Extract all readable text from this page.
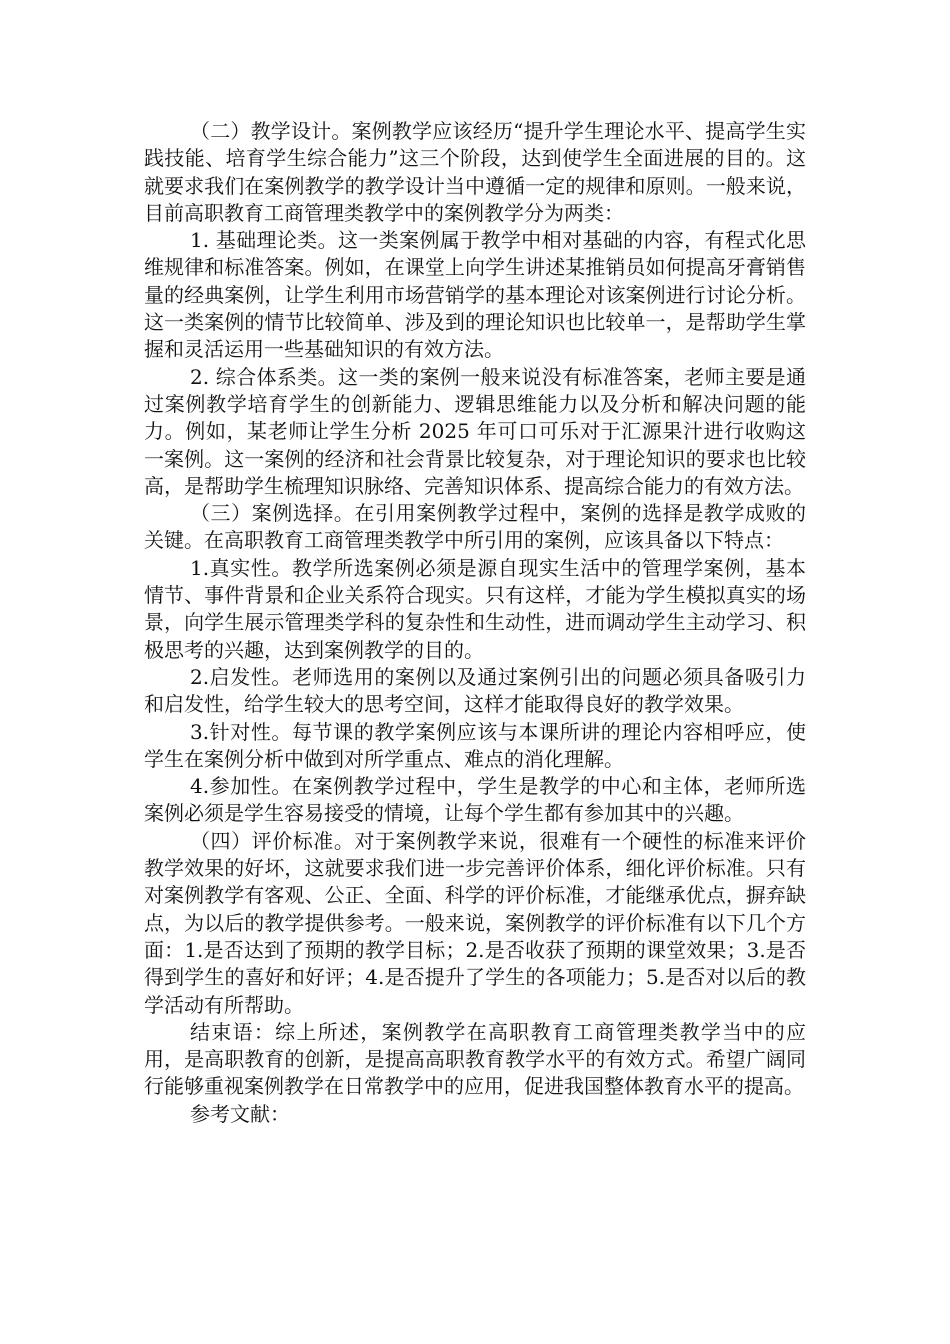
（二）教学设计。案例教学应该经历“提升学生理论水平、提高学生实践技能、培育学生综合能力”这三个阶段，达到使学生全面进展的目的。这就要求我们在案例教学的教学设计当中遵循一定的规律和原则。一般来说，目前高职教育工商管理类教学中的案例教学分为两类：

1. 基础理论类。这一类案例属于教学中相对基础的内容，有程式化思维规律和标准答案。例如，在课堂上向学生讲述某推销员如何提高牙膏销售量的经典案例，让学生利用市场营销学的基本理论对该案例进行讨论分析。这一类案例的情节比较简单、涉及到的理论知识也比较单一，是帮助学生掌握和灵活运用一些基础知识的有效方法。

2. 综合体系类。这一类的案例一般来说没有标准答案，老师主要是通过案例教学培育学生的创新能力、逻辑思维能力以及分析和解决问题的能力。例如，某老师让学生分析 2025 年可口可乐对于汇源果汁进行收购这一案例。这一案例的经济和社会背景比较复杂，对于理论知识的要求也比较高，是帮助学生梳理知识脉络、完善知识体系、提高综合能力的有效方法。

（三）案例选择。在引用案例教学过程中，案例的选择是教学成败的关键。在高职教育工商管理类教学中所引用的案例，应该具备以下特点：

1.真实性。教学所选案例必须是源自现实生活中的管理学案例，基本情节、事件背景和企业关系符合现实。只有这样，才能为学生模拟真实的场景，向学生展示管理类学科的复杂性和生动性，进而调动学生主动学习、积极思考的兴趣，达到案例教学的目的。

2.启发性。老师选用的案例以及通过案例引出的问题必须具备吸引力和启发性，给学生较大的思考空间，这样才能取得良好的教学效果。

3.针对性。每节课的教学案例应该与本课所讲的理论内容相呼应，使学生在案例分析中做到对所学重点、难点的消化理解。

4.参加性。在案例教学过程中，学生是教学的中心和主体，老师所选案例必须是学生容易接受的情境，让每个学生都有参加其中的兴趣。

（四）评价标准。对于案例教学来说，很难有一个硬性的标准来评价教学效果的好坏，这就要求我们进一步完善评价体系，细化评价标准。只有对案例教学有客观、公正、全面、科学的评价标准，才能继承优点，摒弃缺点，为以后的教学提供参考。一般来说，案例教学的评价标准有以下几个方面：1.是否达到了预期的教学目标；2.是否收获了预期的课堂效果；3.是否得到学生的喜好和好评；4.是否提升了学生的各项能力；5.是否对以后的教学活动有所帮助。

结束语：综上所述，案例教学在高职教育工商管理类教学当中的应用，是高职教育的创新，是提高高职教育教学水平的有效方式。希望广阔同行能够重视案例教学在日常教学中的应用，促进我国整体教育水平的提高。

参考文献：
